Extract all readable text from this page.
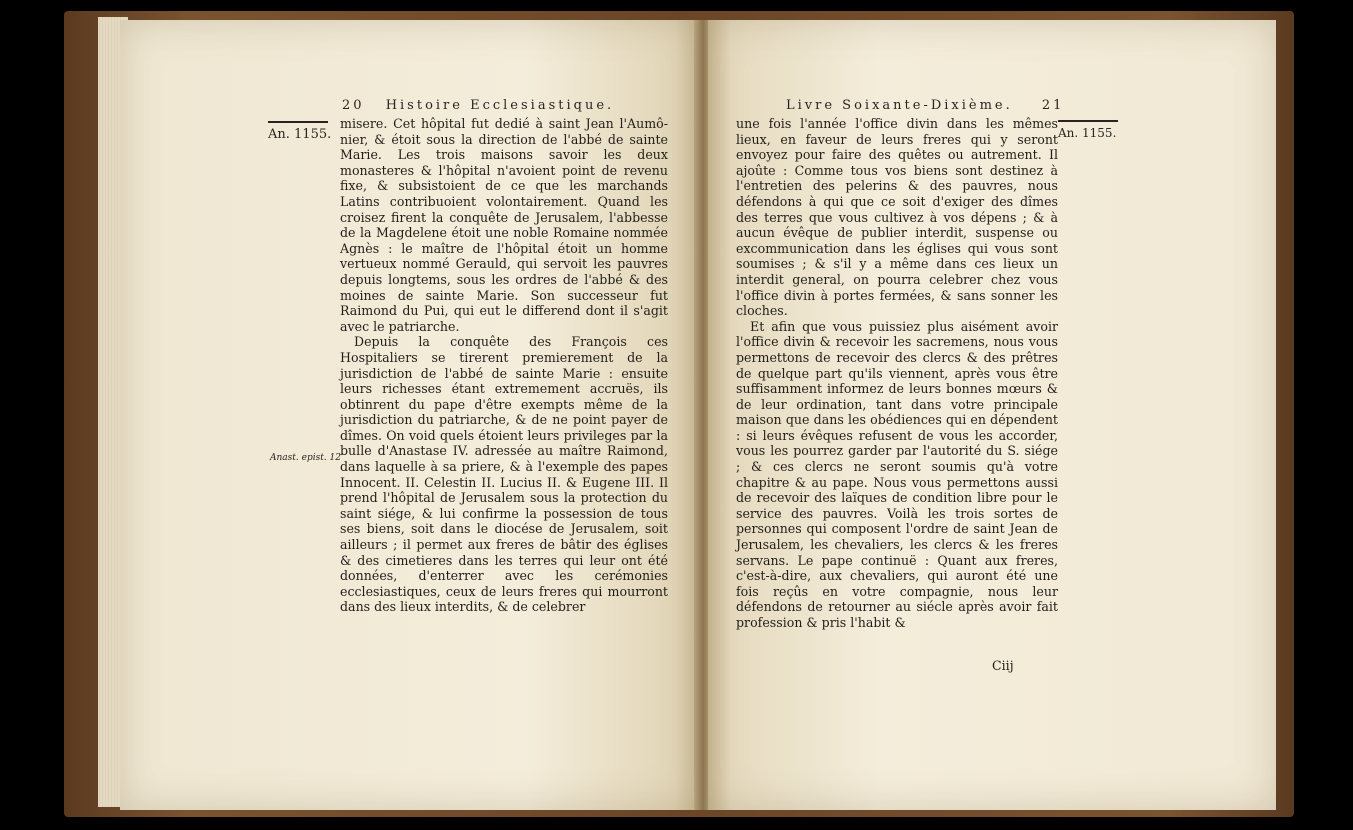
20 Histoire Ecclesiastique.
An. 1155.
Anast. epist. 12

misere. Cet hôpital fut dedié à saint Jean l'Aumô-nier, & étoit sous la direction de l'abbé de sainte Marie. Les trois maisons savoir les deux monasteres & l'hôpital n'avoient point de revenu fixe, & subsistoient de ce que les marchands Latins contribuoient volontairement. Quand les croisez firent la conquête de Jerusalem, l'abbesse de la Magdelene étoit une noble Romaine nommée Agnès : le maître de l'hôpital étoit un homme vertueux nommé Gerauld, qui servoit les pauvres depuis longtems, sous les ordres de l'abbé & des moines de sainte Marie. Son successeur fut Raimond du Pui, qui eut le differend dont il s'agit avec le patriarche.

Depuis la conquête des François ces Hospitaliers se tirerent premierement de la jurisdiction de l'abbé de sainte Marie : ensuite leurs richesses étant extremement accruës, ils obtinrent du pape d'être exempts même de la jurisdiction du patriarche, & de ne point payer de dîmes. On void quels étoient leurs privileges par la bulle d'Anastase IV. adressée au maître Raimond, dans laquelle à sa priere, & à l'exemple des papes Innocent. II. Celestin II. Lucius II. & Eugene III. Il prend l'hôpital de Jerusalem sous la protection du saint siége, & lui confirme la possession de tous ses biens, soit dans le diocése de Jerusalem, soit ailleurs ; il permet aux freres de bâtir des églises & des cimetieres dans les terres qui leur ont été données, d'enterrer avec les cerémonies ecclesiastiques, ceux de leurs freres qui mourront dans des lieux interdits, & de celebrer

Livre Soixante-Dixième. 21
An. 1155.

une fois l'année l'office divin dans les mêmes lieux, en faveur de leurs freres qui y seront envoyez pour faire des quêtes ou autrement. Il ajoûte : Comme tous vos biens sont destinez à l'entretien des pelerins & des pauvres, nous défendons à qui que ce soit d'exiger des dîmes des terres que vous cultivez à vos dépens ; & à aucun évêque de publier interdit, suspense ou excommunication dans les églises qui vous sont soumises ; & s'il y a même dans ces lieux un interdit general, on pourra celebrer chez vous l'office divin à portes fermées, & sans sonner les cloches.

Et afin que vous puissiez plus aisément avoir l'office divin & recevoir les sacremens, nous vous permettons de recevoir des clercs & des prêtres de quelque part qu'ils viennent, après vous être suffisamment informez de leurs bonnes mœurs & de leur ordination, tant dans votre principale maison que dans les obédiences qui en dépendent : si leurs évêques refusent de vous les accorder, vous les pourrez garder par l'autorité du S. siége ; & ces clercs ne seront soumis qu'à votre chapitre & au pape. Nous vous permettons aussi de recevoir des laïques de condition libre pour le service des pauvres. Voilà les trois sortes de personnes qui composent l'ordre de saint Jean de Jerusalem, les chevaliers, les clercs & les freres servans. Le pape continuë : Quant aux freres, c'est-à-dire, aux chevaliers, qui auront été une fois reçûs en votre compagnie, nous leur défendons de retourner au siécle après avoir fait profession & pris l'habit &

Ciij
